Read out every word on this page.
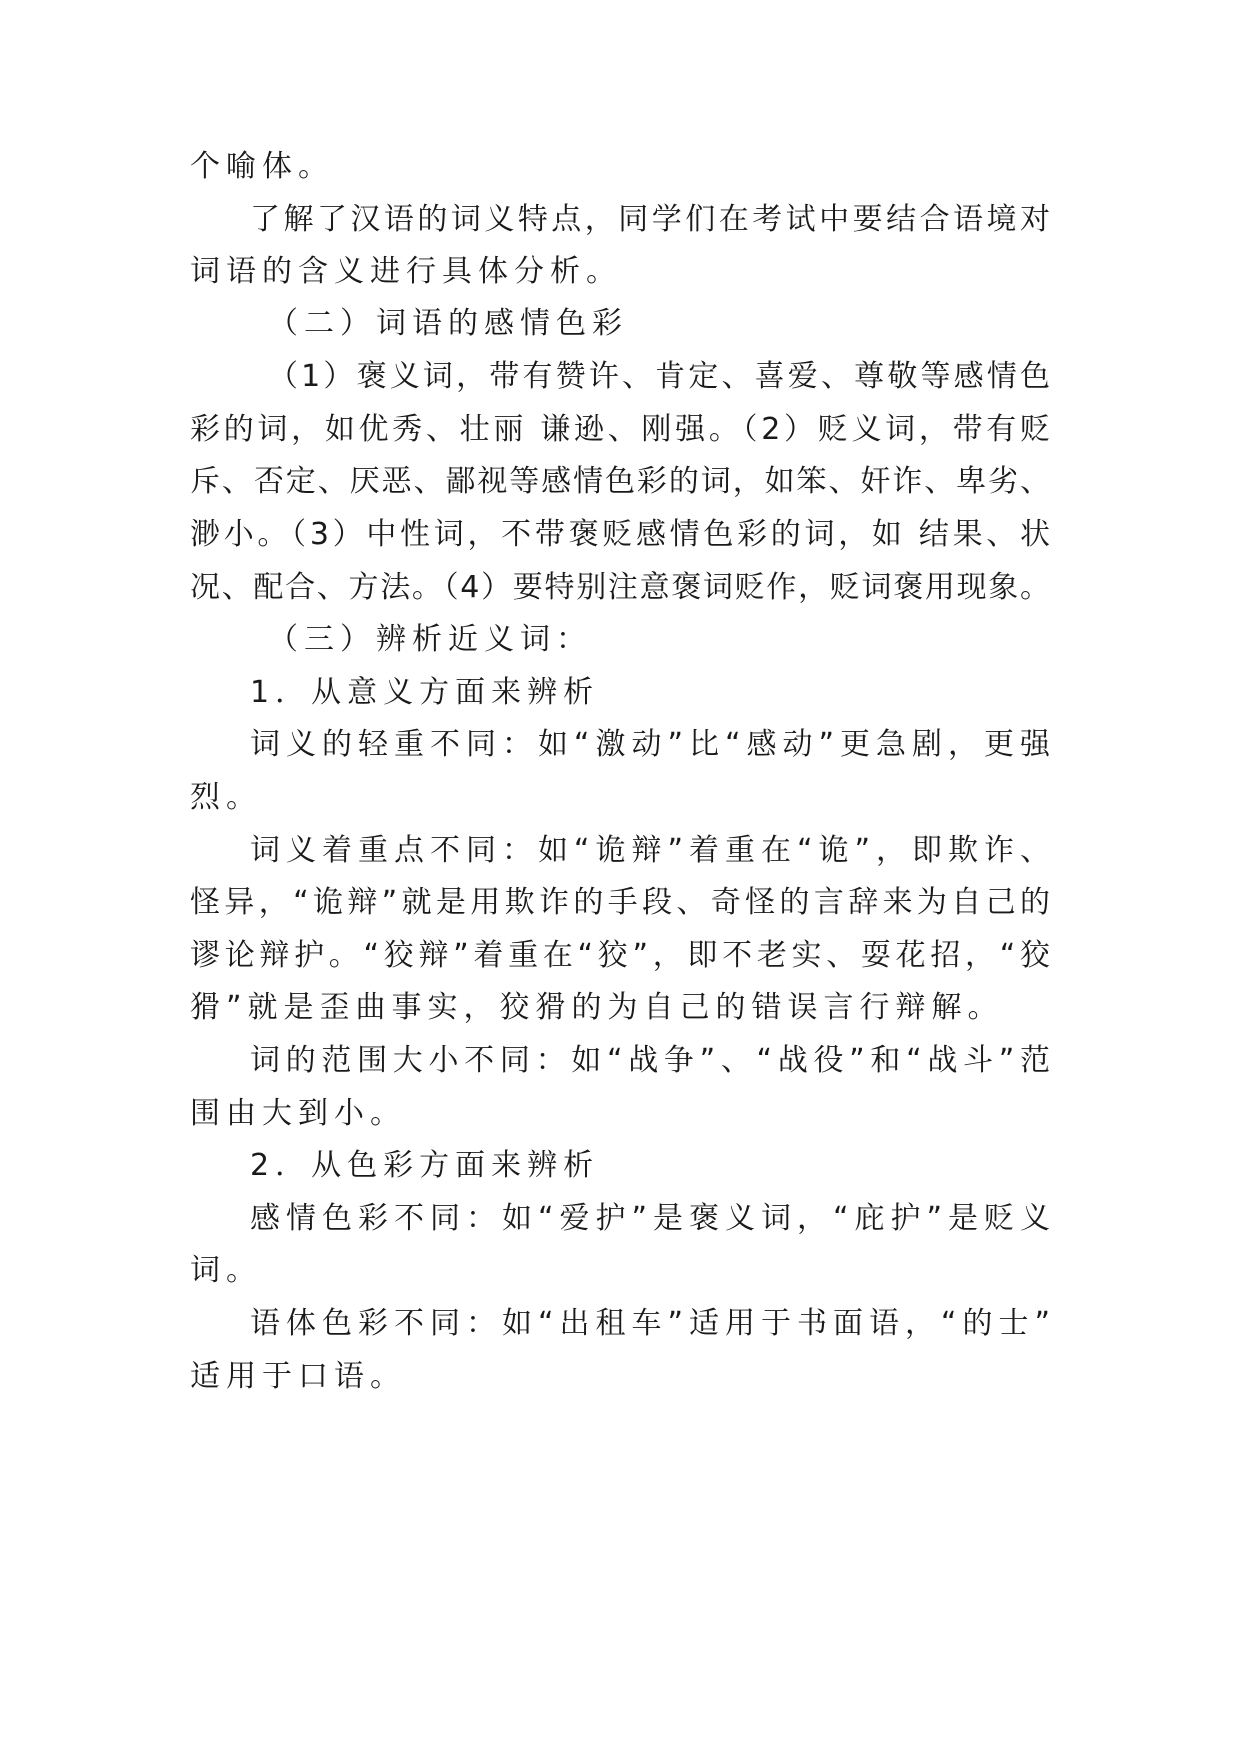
个喻体。
了解了汉语的词义特点，同学们在考试中要结合语境对
词语的含义进行具体分析。
（二）词语的感情色彩
（1）褒义词，带有赞许、肯定、喜爱、尊敬等感情色
彩的词，如优秀、壮丽 谦逊、刚强。（2）贬义词，带有贬
斥、否定、厌恶、鄙视等感情色彩的词，如笨、奸诈、卑劣、
渺小。（3）中性词，不带褒贬感情色彩的词，如 结果、状
况、配合、方法。（4）要特别注意褒词贬作，贬词褒用现象。
（三）辨析近义词：
1．从意义方面来辨析
词义的轻重不同：如“激动”比“感动”更急剧，更强
烈。
词义着重点不同：如“诡辩”着重在“诡”，即欺诈、
怪异，“诡辩”就是用欺诈的手段、奇怪的言辞来为自己的
谬论辩护。“狡辩”着重在“狡”，即不老实、耍花招，“狡
猾”就是歪曲事实，狡猾的为自己的错误言行辩解。
词的范围大小不同：如“战争”、“战役”和“战斗”范
围由大到小。
2．从色彩方面来辨析
感情色彩不同：如“爱护”是褒义词，“庇护”是贬义
词。
语体色彩不同：如“出租车”适用于书面语，“的士”
适用于口语。
